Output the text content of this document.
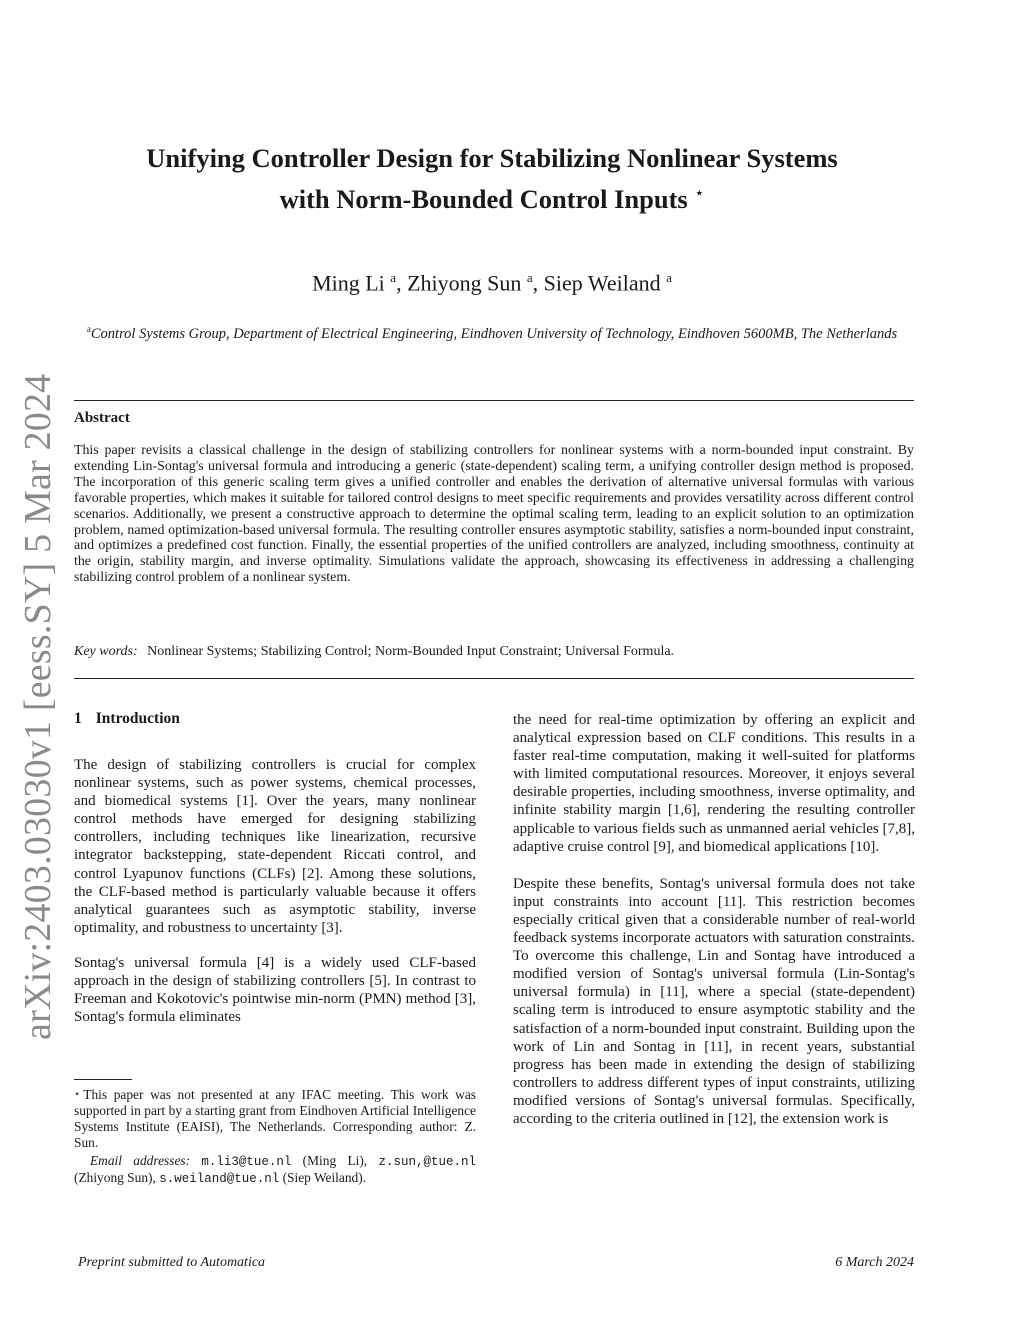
arXiv:2403.03030v1 [eess.SY] 5 Mar 2024
Unifying Controller Design for Stabilizing Nonlinear Systems
with Norm-Bounded Control Inputs ⋆
Ming Li $^a$, Zhiyong Sun $^a$, Siep Weiland $^a$
$^a$Control Systems Group, Department of Electrical Engineering, Eindhoven University of Technology, Eindhoven 5600MB, The Netherlands
Abstract
This paper revisits a classical challenge in the design of stabilizing controllers for nonlinear systems with a norm-bounded input constraint. By extending Lin-Sontag's universal formula and introducing a generic (state-dependent) scaling term, a unifying controller design method is proposed. The incorporation of this generic scaling term gives a unified controller and enables the derivation of alternative universal formulas with various favorable properties, which makes it suitable for tailored control designs to meet specific requirements and provides versatility across different control scenarios. Additionally, we present a constructive approach to determine the optimal scaling term, leading to an explicit solution to an optimization problem, named optimization-based universal formula. The resulting controller ensures asymptotic stability, satisfies a norm-bounded input constraint, and optimizes a predefined cost function. Finally, the essential properties of the unified controllers are analyzed, including smoothness, continuity at the origin, stability margin, and inverse optimality. Simulations validate the approach, showcasing its effectiveness in addressing a challenging stabilizing control problem of a nonlinear system.
Key words: Nonlinear Systems; Stabilizing Control; Norm-Bounded Input Constraint; Universal Formula.
1 Introduction

The design of stabilizing controllers is crucial for complex nonlinear systems, such as power systems, chemical processes, and biomedical systems [1]. Over the years, many nonlinear control methods have emerged for designing stabilizing controllers, including techniques like linearization, recursive integrator backstepping, state-dependent Riccati control, and control Lyapunov functions (CLFs) [2]. Among these solutions, the CLF-based method is particularly valuable because it offers analytical guarantees such as asymptotic stability, inverse optimality, and robustness to uncertainty [3].

Sontag's universal formula [4] is a widely used CLF-based approach in the design of stabilizing controllers [5]. In contrast to Freeman and Kokotovic's pointwise min-norm (PMN) method [3], Sontag's formula eliminates

the need for real-time optimization by offering an explicit and analytical expression based on CLF conditions. This results in a faster real-time computation, making it well-suited for platforms with limited computational resources. Moreover, it enjoys several desirable properties, including smoothness, inverse optimality, and infinite stability margin [1,6], rendering the resulting controller applicable to various fields such as unmanned aerial vehicles [7,8], adaptive cruise control [9], and biomedical applications [10].

Despite these benefits, Sontag's universal formula does not take input constraints into account [11]. This restriction becomes especially critical given that a considerable number of real-world feedback systems incorporate actuators with saturation constraints. To overcome this challenge, Lin and Sontag have introduced a modified version of Sontag's universal formula (Lin-Sontag's universal formula) in [11], where a special (state-dependent) scaling term is introduced to ensure asymptotic stability and the satisfaction of a norm-bounded input constraint. Building upon the work of Lin and Sontag in [11], in recent years, substantial progress has been made in extending the design of stabilizing controllers to address different types of input constraints, utilizing modified versions of Sontag's universal formulas. Specifically, according to the criteria outlined in [12], the extension work is

⋆ This paper was not presented at any IFAC meeting. This work was supported in part by a starting grant from Eindhoven Artificial Intelligence Systems Institute (EAISI), The Netherlands. Corresponding author: Z. Sun.

Email addresses: m.li3@tue.nl (Ming Li), z.sun,@tue.nl (Zhiyong Sun), s.weiland@tue.nl (Siep Weiland).

Preprint submitted to Automatica	6 March 2024
